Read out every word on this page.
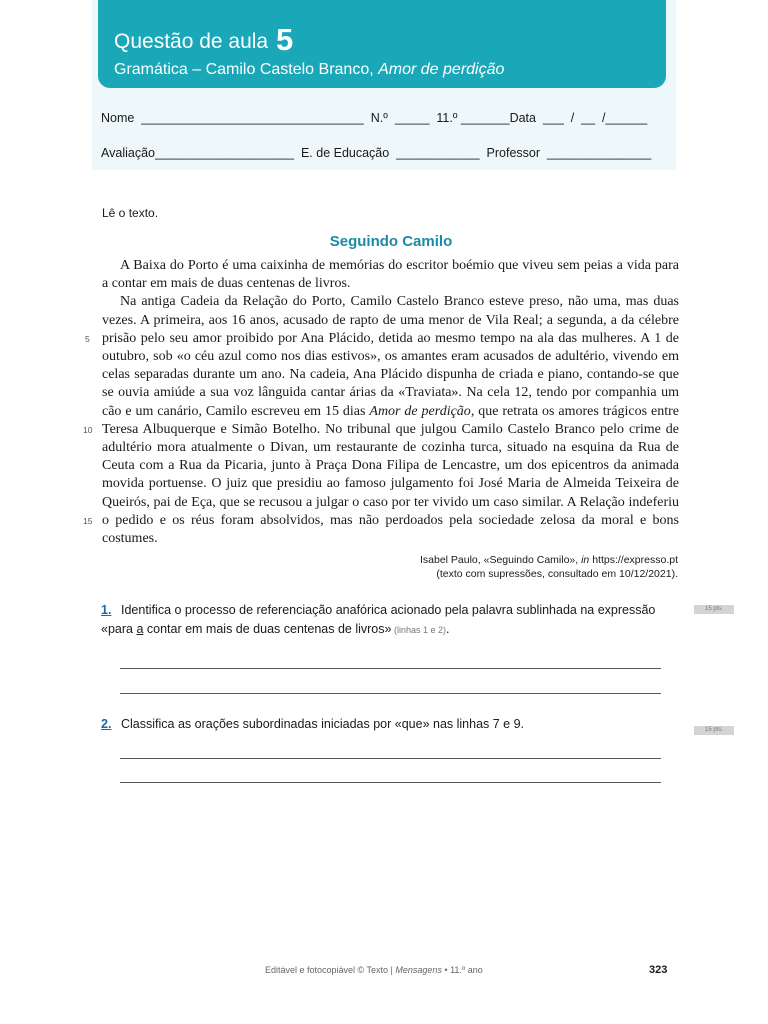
Questão de aula 5
Gramática – Camilo Castelo Branco, Amor de perdição
Nome  ________________________________  N.º  _____  11.º _______Data  ___  /  __  /______
Avaliação____________________  E. de Educação  ____________  Professor  _______________
Lê o texto.
Seguindo Camilo

A Baixa do Porto é uma caixinha de memórias do escritor boémio que viveu sem peias a vida para a contar em mais de duas centenas de livros.

Na antiga Cadeia da Relação do Porto, Camilo Castelo Branco esteve preso, não uma, mas duas vezes. A primeira, aos 16 anos, acusado de rapto de uma menor de Vila Real; a segunda, a da célebre prisão pelo seu amor proibido por Ana Plácido, detida ao mesmo tempo na ala das mulheres. A 1 de outubro, sob «o céu azul como nos dias estivos», os amantes eram acusados de adultério, vivendo em celas separadas durante um ano. Na cadeia, Ana Plácido dispunha de criada e piano, contando-se que se ouvia amiúde a sua voz lânguida cantar árias da «Traviata». Na cela 12, tendo por companhia um cão e um canário, Camilo escreveu em 15 dias Amor de perdição, que retrata os amores trágicos entre Teresa Albuquerque e Simão Botelho. No tribunal que julgou Camilo Castelo Branco pelo crime de adultério mora atualmente o Divan, um restaurante de cozinha turca, situado na esquina da Rua de Ceuta com a Rua da Picaria, junto à Praça Dona Filipa de Lencastre, um dos epicentros da animada movida portuense. O juiz que presidiu ao famoso julgamento foi José Maria de Almeida Teixeira de Queirós, pai de Eça, que se recusou a julgar o caso por ter vivido um caso similar. A Relação indeferiu o pedido e os réus foram absolvidos, mas não perdoados pela sociedade zelosa da moral e bons costumes.

5
10
15
Isabel Paulo, «Seguindo Camilo», in https://expresso.pt
(texto com supressões, consultado em 10/12/2021).
1. Identifica o processo de referenciação anafórica acionado pela palavra sublinhada na expressão «para a contar em mais de duas centenas de livros» (linhas 1 e 2).
15 pts.
2. Classifica as orações subordinadas iniciadas por «que» nas linhas 7 e 9.	15 pts.
Editável e fotocopiável © Texto | Mensagens • 11.º ano	323
